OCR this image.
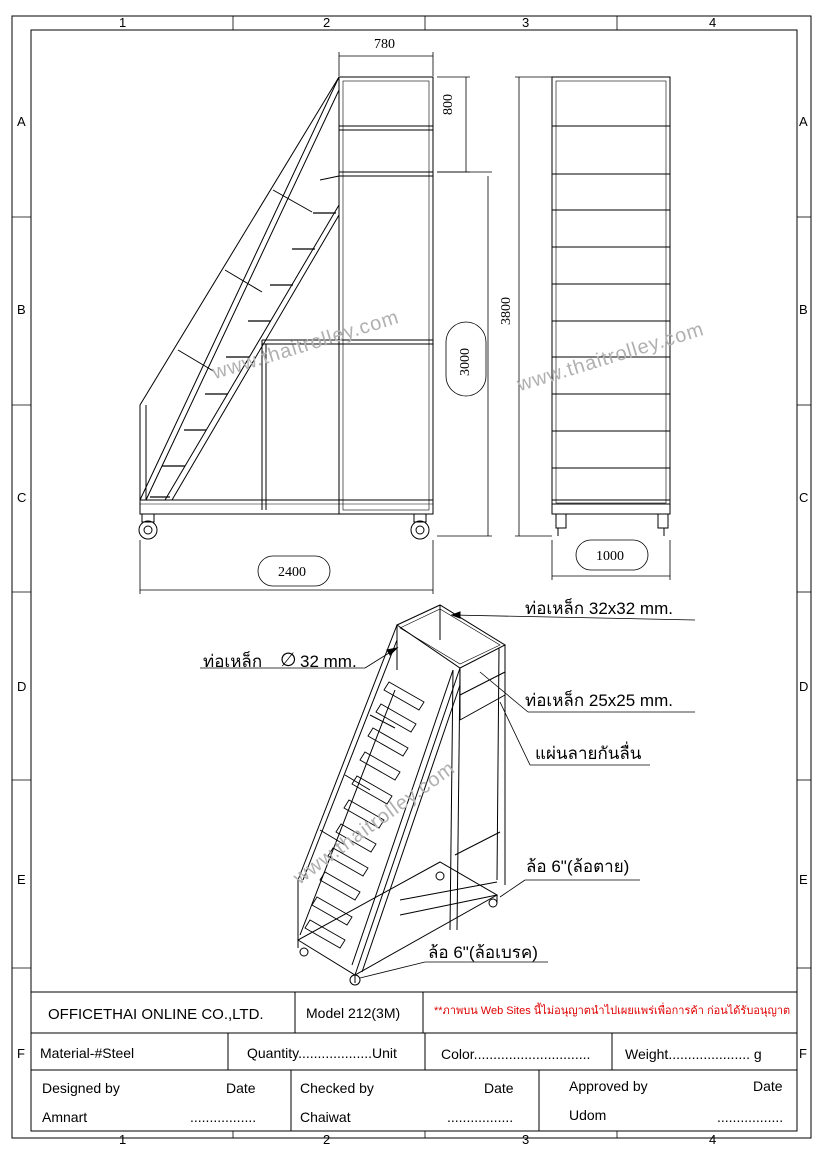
1	2	3	4
1	2	3	4
A
B
C
D
E
F
A
B
C
D
E
F
780
800
3800
3000
2400
1000
www.thaitrolley.com	www.thaitrolley.com
www.thaitrolley.com
ท่อเหล็ก 32x32 mm.
ท่อเหล็ก ∅ 32 mm.
ท่อเหล็ก 25x25 mm.
แผ่นลายกันลื่น
ล้อ 6"(ล้อตาย)
ล้อ 6"(ล้อเบรค)
OFFICETHAI ONLINE CO.,LTD.	Model 212(3M)	**ภาพบน Web Sites นี้ไม่อนุญาตนำไปเผยแพร่เพื่อการค้า ก่อนได้รับอนุญาต
Material-#Steel	Quantity...................Unit	Color.............................. Weight..................... g
Designed by	Date
Amnart	.................
Checked by	Date
Chaiwat	.................
Approved by	Date
Udom	.................
